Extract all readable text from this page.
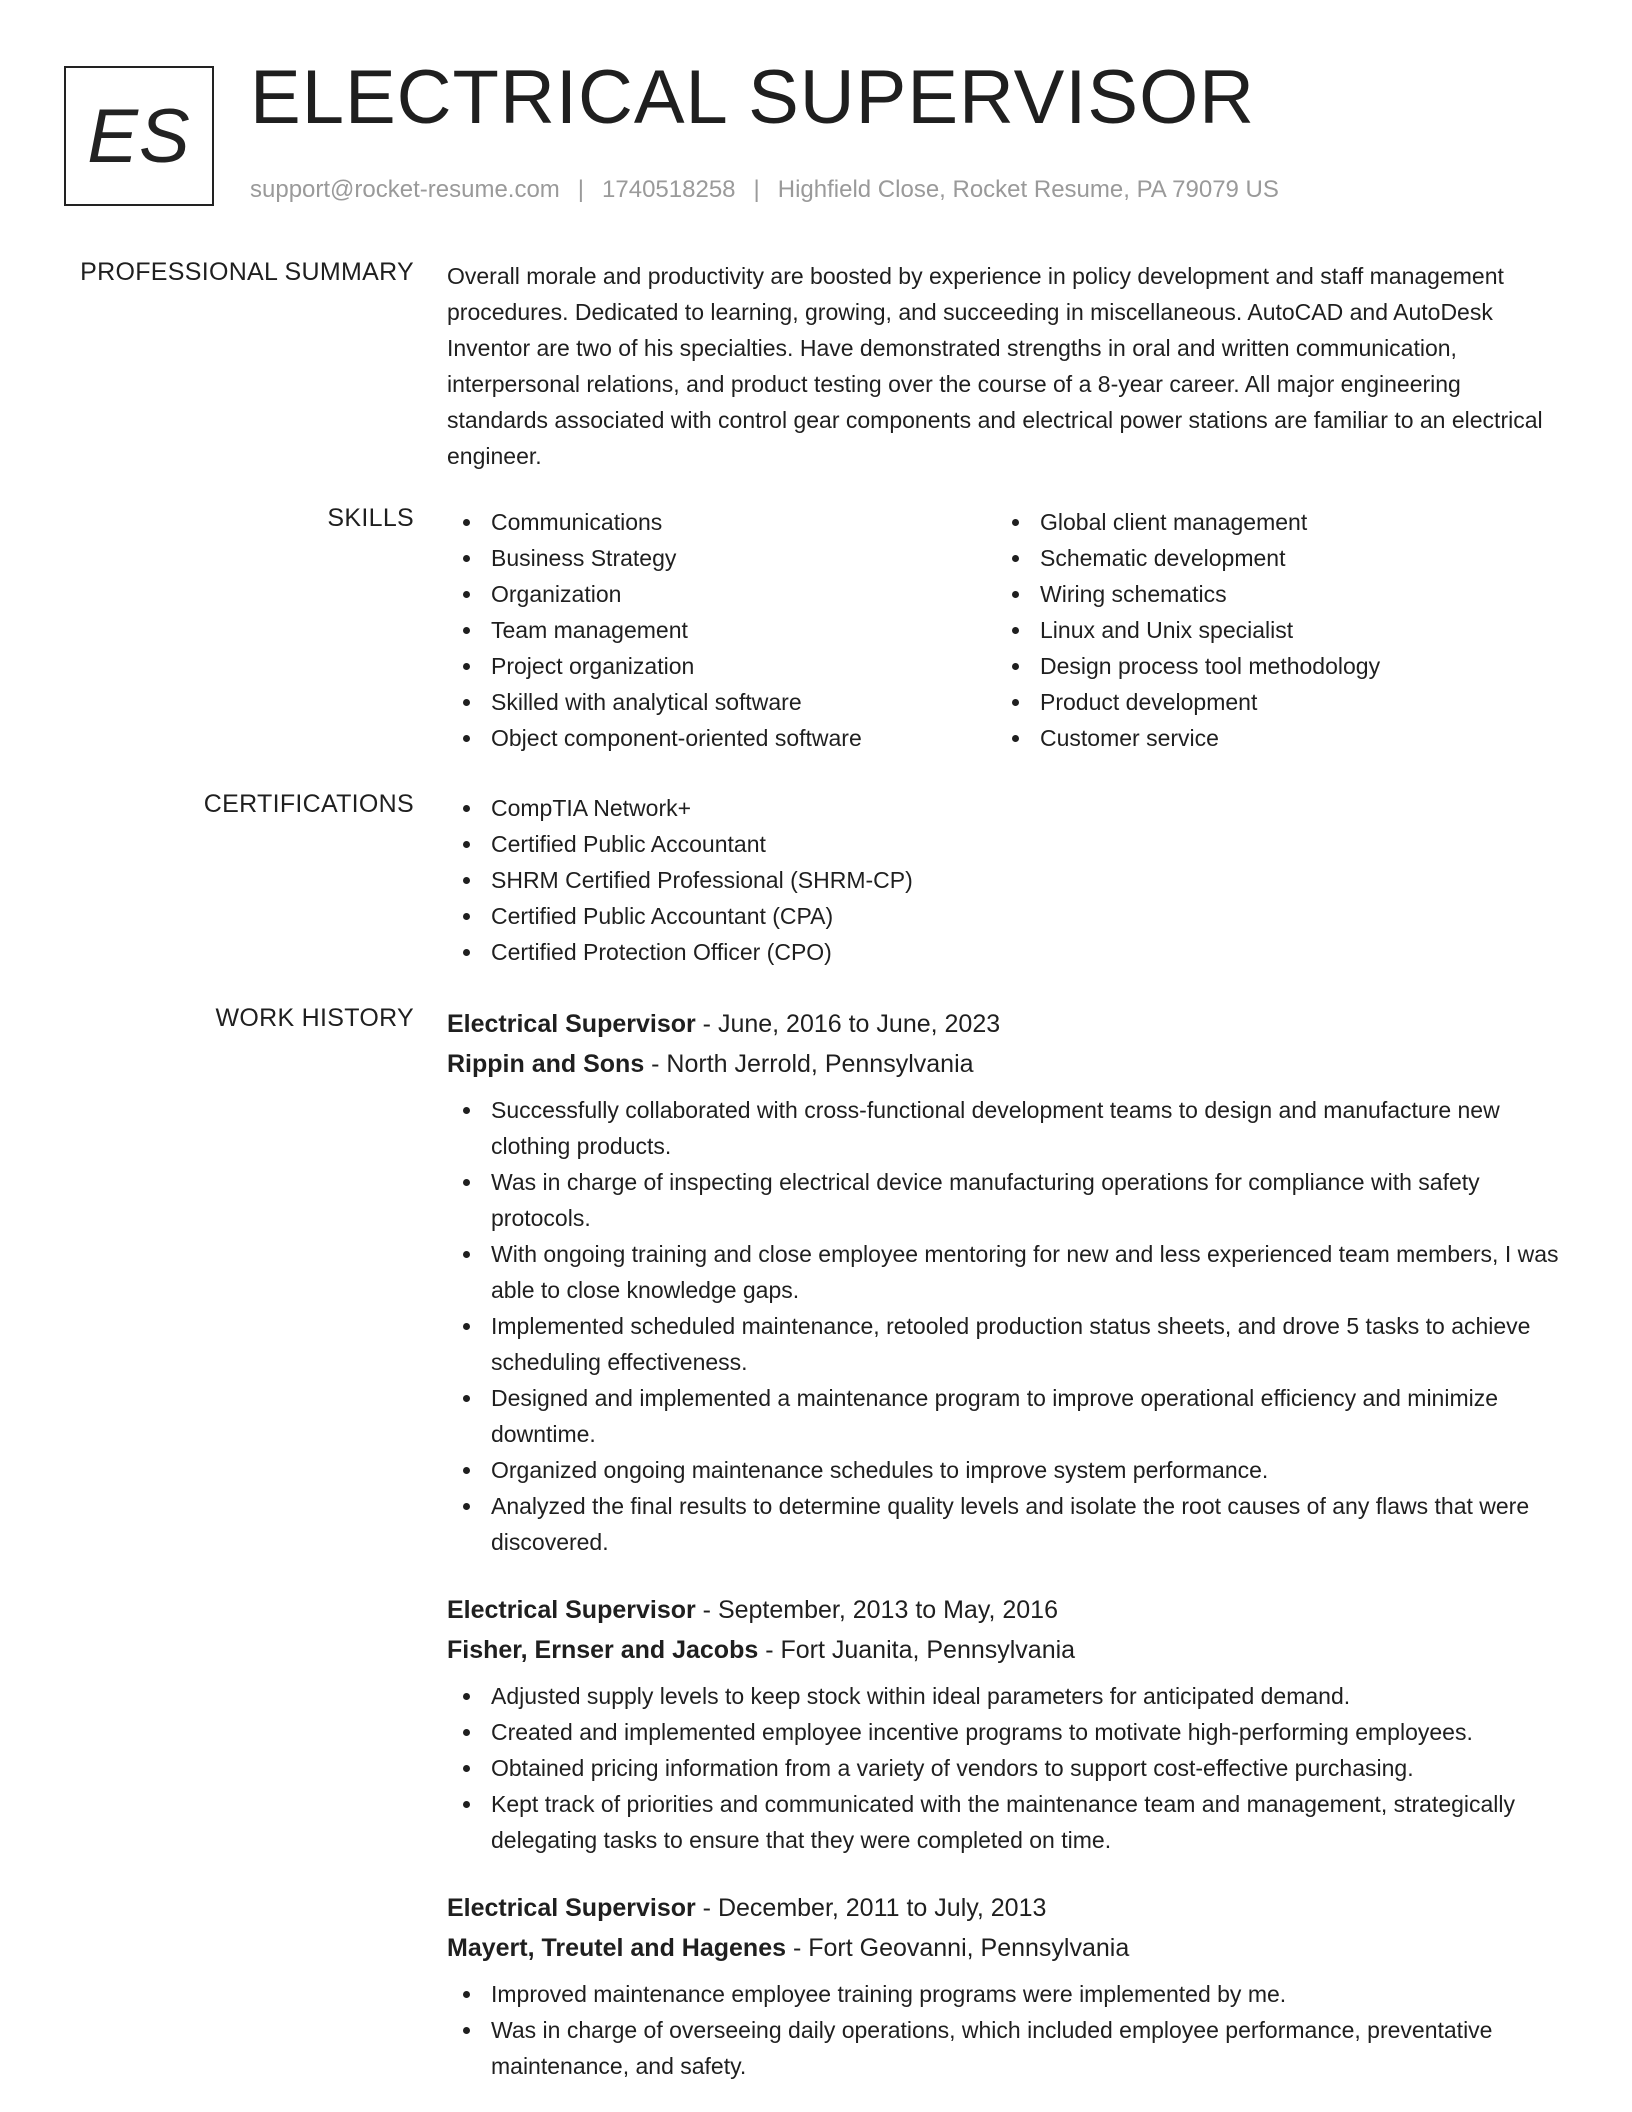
ES ELECTRICAL SUPERVISOR
support@rocket-resume.com | 1740518258 | Highfield Close, Rocket Resume, PA 79079 US
PROFESSIONAL SUMMARY Overall morale and productivity are boosted by experience in policy development and staff management procedures. Dedicated to learning, growing, and succeeding in miscellaneous. AutoCAD and AutoDesk Inventor are two of his specialties. Have demonstrated strengths in oral and written communication, interpersonal relations, and product testing over the course of a 8-year career. All major engineering standards associated with control gear components and electrical power stations are familiar to an electrical engineer.

SKILLS	Communications
Business Strategy
Organization
Team management
Project organization
Skilled with analytical software
Object component-oriented software
Global client management
Schematic development
Wiring schematics
Linux and Unix specialist
Design process tool methodology
Product development
Customer service
CERTIFICATIONS	CompTIA Network+
Certified Public Accountant
SHRM Certified Professional (SHRM-CP)
Certified Public Accountant (CPA)
Certified Protection Officer (CPO)
WORK HISTORY Electrical Supervisor - June, 2016 to June, 2023
Rippin and Sons - North Jerrold, Pennsylvania
Successfully collaborated with cross-functional development teams to design and manufacture new clothing products.
Was in charge of inspecting electrical device manufacturing operations for compliance with safety protocols.
With ongoing training and close employee mentoring for new and less experienced team members, I was able to close knowledge gaps.
Implemented scheduled maintenance, retooled production status sheets, and drove 5 tasks to achieve scheduling effectiveness.
Designed and implemented a maintenance program to improve operational efficiency and minimize downtime.
Organized ongoing maintenance schedules to improve system performance.
Analyzed the final results to determine quality levels and isolate the root causes of any flaws that were discovered.
Electrical Supervisor - September, 2013 to May, 2016
Fisher, Ernser and Jacobs - Fort Juanita, Pennsylvania
Adjusted supply levels to keep stock within ideal parameters for anticipated demand.
Created and implemented employee incentive programs to motivate high-performing employees.
Obtained pricing information from a variety of vendors to support cost-effective purchasing.
Kept track of priorities and communicated with the maintenance team and management, strategically delegating tasks to ensure that they were completed on time.
Electrical Supervisor - December, 2011 to July, 2013
Mayert, Treutel and Hagenes - Fort Geovanni, Pennsylvania
Improved maintenance employee training programs were implemented by me.
Was in charge of overseeing daily operations, which included employee performance, preventative maintenance, and safety.
